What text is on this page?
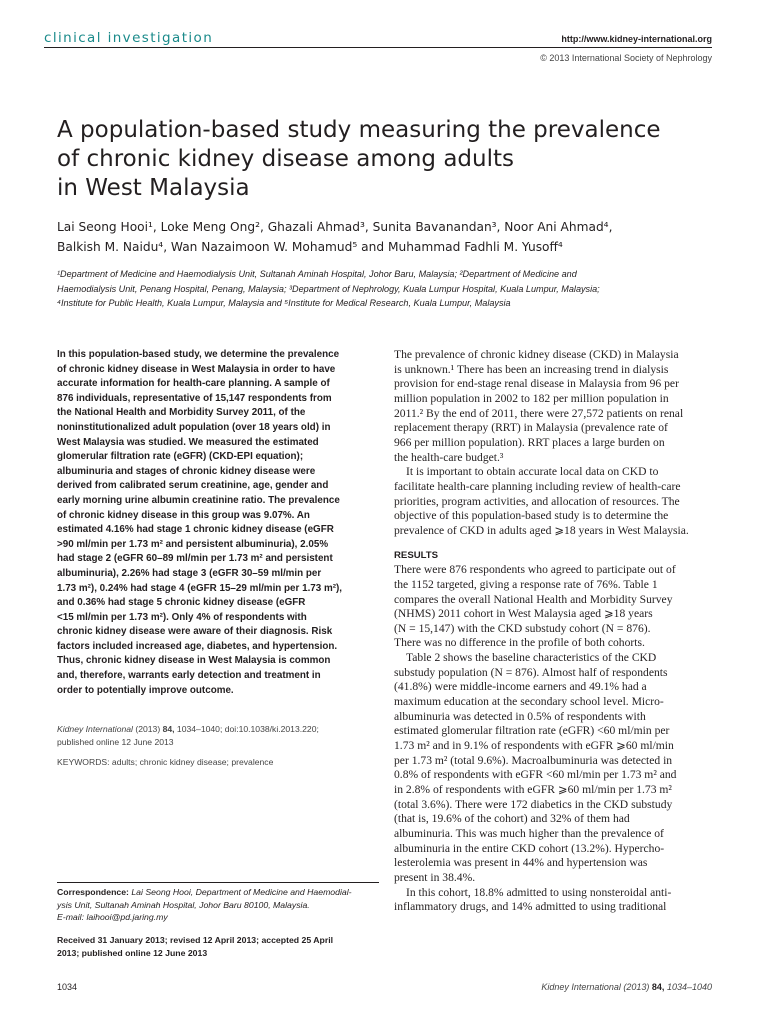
clinical investigation	http://www.kidney-international.org
© 2013 International Society of Nephrology
A population-based study measuring the prevalence
of chronic kidney disease among adults
in West Malaysia
Lai Seong Hooi¹, Loke Meng Ong², Ghazali Ahmad³, Sunita Bavanandan³, Noor Ani Ahmad⁴,
Balkish M. Naidu⁴, Wan Nazaimoon W. Mohamud⁵ and Muhammad Fadhli M. Yusoff⁴
¹Department of Medicine and Haemodialysis Unit, Sultanah Aminah Hospital, Johor Baru, Malaysia; ²Department of Medicine and
Haemodialysis Unit, Penang Hospital, Penang, Malaysia; ³Department of Nephrology, Kuala Lumpur Hospital, Kuala Lumpur, Malaysia;
⁴Institute for Public Health, Kuala Lumpur, Malaysia and ⁵Institute for Medical Research, Kuala Lumpur, Malaysia
In this population-based study, we determine the prevalence
of chronic kidney disease in West Malaysia in order to have
accurate information for health-care planning. A sample of
876 individuals, representative of 15,147 respondents from
the National Health and Morbidity Survey 2011, of the
noninstitutionalized adult population (over 18 years old) in
West Malaysia was studied. We measured the estimated
glomerular filtration rate (eGFR) (CKD-EPI equation);
albuminuria and stages of chronic kidney disease were
derived from calibrated serum creatinine, age, gender and
early morning urine albumin creatinine ratio. The prevalence
of chronic kidney disease in this group was 9.07%. An
estimated 4.16% had stage 1 chronic kidney disease (eGFR
>90 ml/min per 1.73 m² and persistent albuminuria), 2.05%
had stage 2 (eGFR 60–89 ml/min per 1.73 m² and persistent
albuminuria), 2.26% had stage 3 (eGFR 30–59 ml/min per
1.73 m²), 0.24% had stage 4 (eGFR 15–29 ml/min per 1.73 m²),
and 0.36% had stage 5 chronic kidney disease (eGFR
<15 ml/min per 1.73 m²). Only 4% of respondents with
chronic kidney disease were aware of their diagnosis. Risk
factors included increased age, diabetes, and hypertension.
Thus, chronic kidney disease in West Malaysia is common
and, therefore, warrants early detection and treatment in
order to potentially improve outcome.
Kidney International (2013) 84, 1034–1040; doi:10.1038/ki.2013.220;
published online 12 June 2013
KEYWORDS: adults; chronic kidney disease; prevalence
Correspondence: Lai Seong Hooi, Department of Medicine and Haemodial-
ysis Unit, Sultanah Aminah Hospital, Johor Baru 80100, Malaysia.
E-mail: laihooi@pd.jaring.my
Received 31 January 2013; revised 12 April 2013; accepted 25 April
2013; published online 12 June 2013

The prevalence of chronic kidney disease (CKD) in Malaysia
is unknown.¹ There has been an increasing trend in dialysis
provision for end-stage renal disease in Malaysia from 96 per
million population in 2002 to 182 per million population in
2011.² By the end of 2011, there were 27,572 patients on renal
replacement therapy (RRT) in Malaysia (prevalence rate of
966 per million population). RRT places a large burden on
the health-care budget.³

It is important to obtain accurate local data on CKD to
facilitate health-care planning including review of health-care
priorities, program activities, and allocation of resources. The
objective of this population-based study is to determine the
prevalence of CKD in adults aged ⩾18 years in West Malaysia.

RESULTS

There were 876 respondents who agreed to participate out of
the 1152 targeted, giving a response rate of 76%. Table 1
compares the overall National Health and Morbidity Survey
(NHMS) 2011 cohort in West Malaysia aged ⩾18 years
(N = 15,147) with the CKD substudy cohort (N = 876).
There was no difference in the profile of both cohorts.

Table 2 shows the baseline characteristics of the CKD
substudy population (N = 876). Almost half of respondents
(41.8%) were middle-income earners and 49.1% had a
maximum education at the secondary school level. Micro-
albuminuria was detected in 0.5% of respondents with
estimated glomerular filtration rate (eGFR) <60 ml/min per
1.73 m² and in 9.1% of respondents with eGFR ⩾60 ml/min
per 1.73 m² (total 9.6%). Macroalbuminuria was detected in
0.8% of respondents with eGFR <60 ml/min per 1.73 m² and
in 2.8% of respondents with eGFR ⩾60 ml/min per 1.73 m²
(total 3.6%). There were 172 diabetics in the CKD substudy
(that is, 19.6% of the cohort) and 32% of them had
albuminuria. This was much higher than the prevalence of
albuminuria in the entire CKD cohort (13.2%). Hypercho-
lesterolemia was present in 44% and hypertension was
present in 38.4%.

In this cohort, 18.8% admitted to using nonsteroidal anti-
inflammatory drugs, and 14% admitted to using traditional

1034	Kidney International (2013) 84, 1034–1040
